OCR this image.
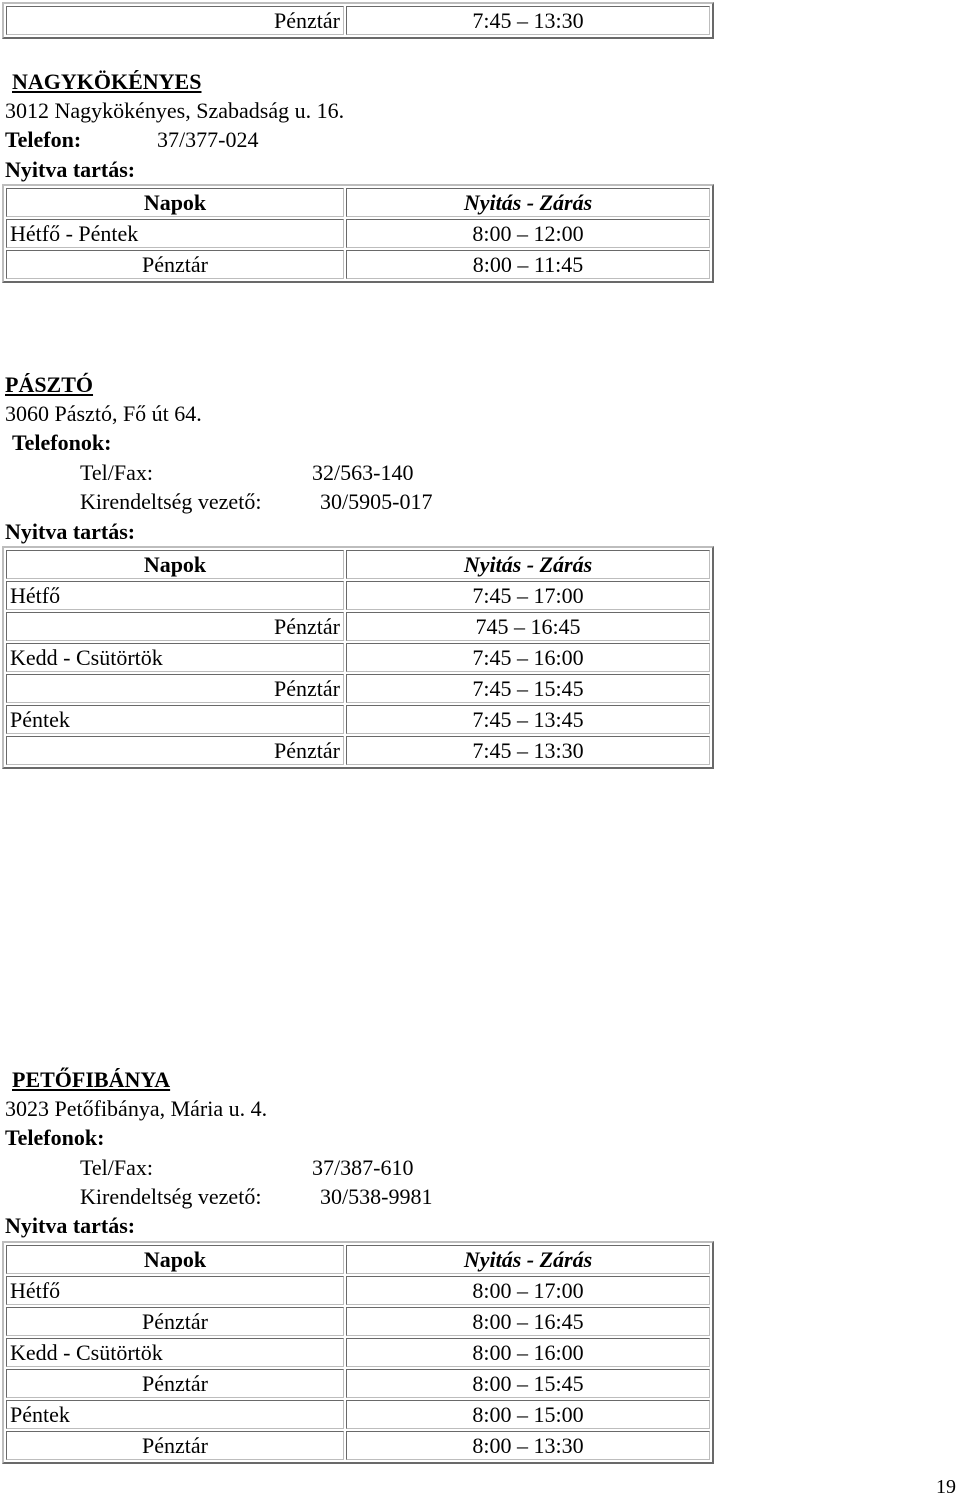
Pénztár	7:45 – 13:30
NAGYKÖKÉNYES
3012 Nagykökényes, Szabadság u. 16.
Telefon:	37/377-024
Nyitva tartás:
Napok	Nyitás - Zárás
Hétfő - Péntek	8:00 – 12:00
Pénztár	8:00 – 11:45
PÁSZTÓ
3060 Pásztó, Fő út 64.
Telefonok:
Tel/Fax:	32/563-140
Kirendeltség vezető:	30/5905-017
Nyitva tartás:
Napok	Nyitás - Zárás
Hétfő	7:45 – 17:00
Pénztár	745 – 16:45
Kedd - Csütörtök	7:45 – 16:00
Pénztár	7:45 – 15:45
Péntek	7:45 – 13:45
Pénztár	7:45 – 13:30
PETŐFIBÁNYA
3023 Petőfibánya, Mária u. 4.
Telefonok:
Tel/Fax:	37/387-610
Kirendeltség vezető:	30/538-9981
Nyitva tartás:
Napok	Nyitás - Zárás
Hétfő	8:00 – 17:00
Pénztár	8:00 – 16:45
Kedd - Csütörtök	8:00 – 16:00
Pénztár	8:00 – 15:45
Péntek	8:00 – 15:00
Pénztár	8:00 – 13:30
19
